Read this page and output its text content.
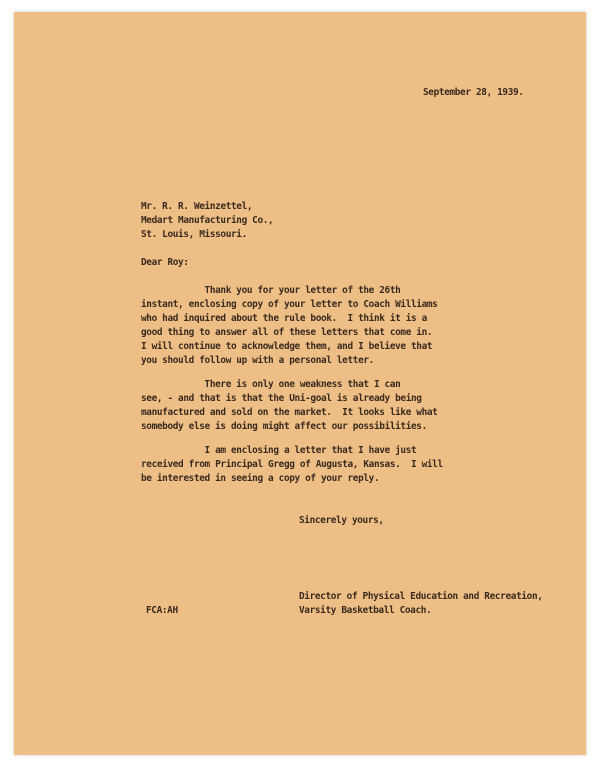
September 28, 1939.
Mr. R. R. Weinzettel,
Medart Manufacturing Co.,
St. Louis, Missouri.
Dear Roy:
Thank you for your letter of the 26th
instant, enclosing copy of your letter to Coach Williams
who had inquired about the rule book.  I think it is a
good thing to answer all of these letters that come in.
I will continue to acknowledge them, and I believe that
you should follow up with a personal letter.
There is only one weakness that I can
see, - and that is that the Uni-goal is already being
manufactured and sold on the market.  It looks like what
somebody else is doing might affect our possibilities.
I am enclosing a letter that I have just
received from Principal Gregg of Augusta, Kansas.  I will
be interested in seeing a copy of your reply.
Sincerely yours,
Director of Physical Education and Recreation,
Varsity Basketball Coach.
FCA:AH
